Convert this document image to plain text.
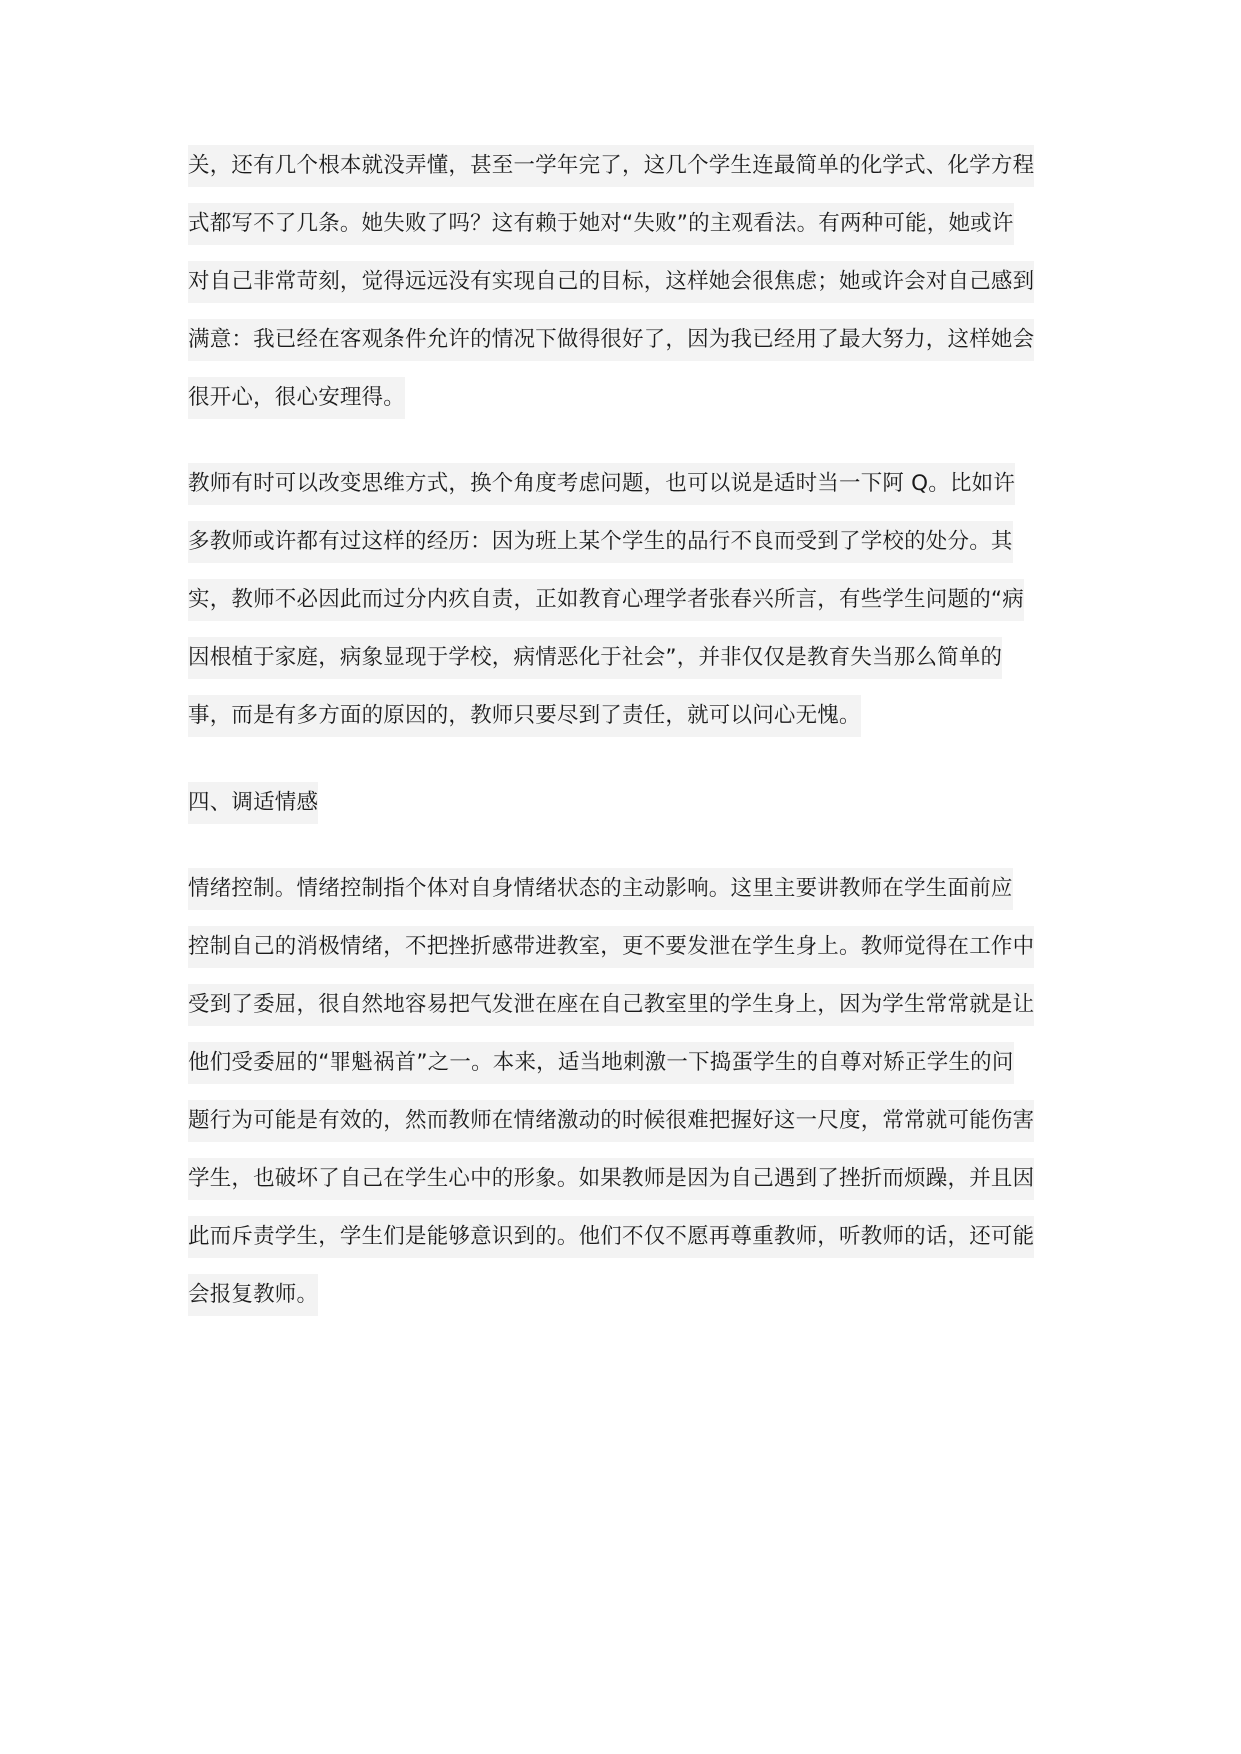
关，还有几个根本就没弄懂，甚至一学年完了，这几个学生连最简单的化学式、化学方程
式都写不了几条。她失败了吗？这有赖于她对“失败”的主观看法。有两种可能，她或许
对自己非常苛刻，觉得远远没有实现自己的目标，这样她会很焦虑；她或许会对自己感到
满意：我已经在客观条件允许的情况下做得很好了，因为我已经用了最大努力，这样她会
很开心，很心安理得。
教师有时可以改变思维方式，换个角度考虑问题，也可以说是适时当一下阿 Q。比如许
多教师或许都有过这样的经历：因为班上某个学生的品行不良而受到了学校的处分。其
实，教师不必因此而过分内疚自责，正如教育心理学者张春兴所言，有些学生问题的“病
因根植于家庭，病象显现于学校，病情恶化于社会”，并非仅仅是教育失当那么简单的
事，而是有多方面的原因的，教师只要尽到了责任，就可以问心无愧。
四、调适情感
情绪控制。情绪控制指个体对自身情绪状态的主动影响。这里主要讲教师在学生面前应
控制自己的消极情绪，不把挫折感带进教室，更不要发泄在学生身上。教师觉得在工作中
受到了委屈，很自然地容易把气发泄在座在自己教室里的学生身上，因为学生常常就是让
他们受委屈的“罪魁祸首”之一。本来，适当地刺激一下捣蛋学生的自尊对矫正学生的问
题行为可能是有效的，然而教师在情绪激动的时候很难把握好这一尺度，常常就可能伤害
学生，也破坏了自己在学生心中的形象。如果教师是因为自己遇到了挫折而烦躁，并且因
此而斥责学生，学生们是能够意识到的。他们不仅不愿再尊重教师，听教师的话，还可能
会报复教师。
